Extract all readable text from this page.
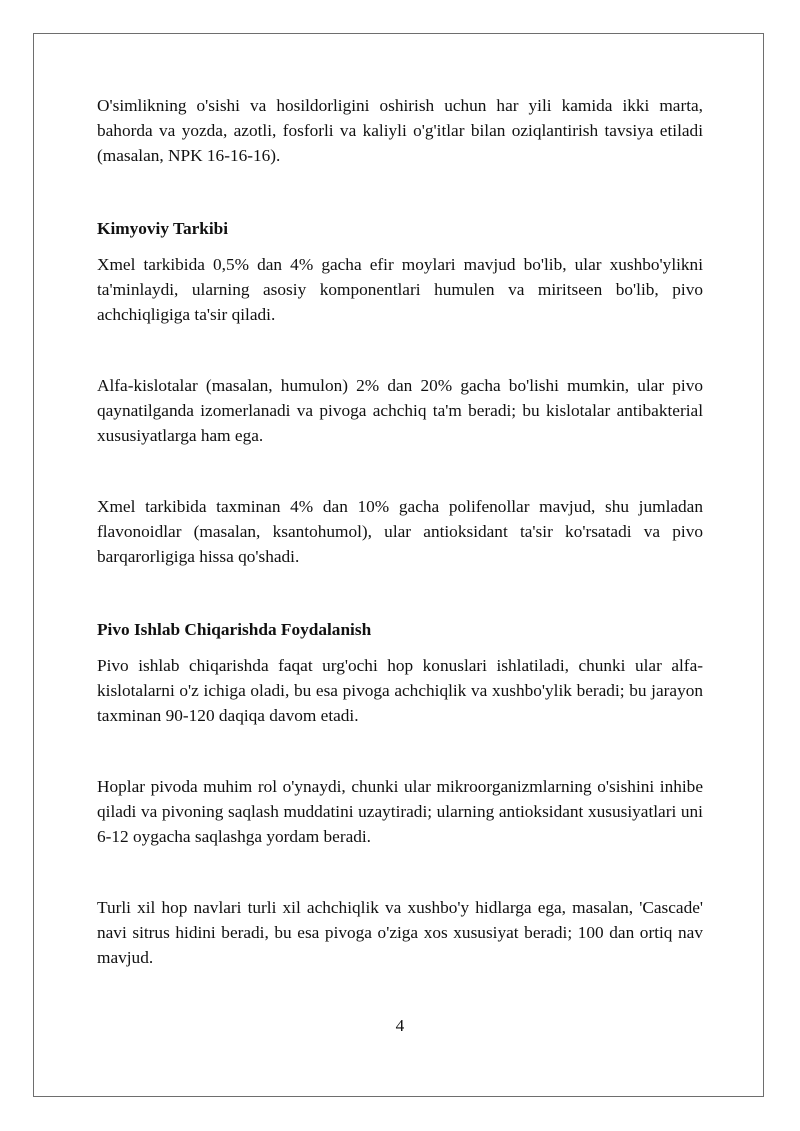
O'simlikning o'sishi va hosildorligini oshirish uchun har yili kamida ikki marta, bahorda va yozda, azotli, fosforli va kaliyli o'g'itlar bilan oziqlantirish tavsiya etiladi (masalan, NPK 16-16-16).

Kimyoviy Tarkibi

Xmel tarkibida 0,5% dan 4% gacha efir moylari mavjud bo'lib, ular xushbo'ylikni ta'minlaydi, ularning asosiy komponentlari humulen va miritseen bo'lib, pivo achchiqligiga ta'sir qiladi.

Alfa-kislotalar (masalan, humulon) 2% dan 20% gacha bo'lishi mumkin, ular pivo qaynatilganda izomerlanadi va pivoga achchiq ta'm beradi; bu kislotalar antibakterial xususiyatlarga ham ega.

Xmel tarkibida taxminan 4% dan 10% gacha polifenollar mavjud, shu jumladan flavonoidlar (masalan, ksantohumol), ular antioksidant ta'sir ko'rsatadi va pivo barqarorligiga hissa qo'shadi.

Pivo Ishlab Chiqarishda Foydalanish

Pivo ishlab chiqarishda faqat urg'ochi hop konuslari ishlatiladi, chunki ular alfa-kislotalarni o'z ichiga oladi, bu esa pivoga achchiqlik va xushbo'ylik beradi; bu jarayon taxminan 90-120 daqiqa davom etadi.

Hoplar pivoda muhim rol o'ynaydi, chunki ular mikroorganizmlarning o'sishini inhibe qiladi va pivoning saqlash muddatini uzaytiradi; ularning antioksidant xususiyatlari uni 6-12 oygacha saqlashga yordam beradi.

Turli xil hop navlari turli xil achchiqlik va xushbo'y hidlarga ega, masalan, 'Cascade' navi sitrus hidini beradi, bu esa pivoga o'ziga xos xususiyat beradi; 100 dan ortiq nav mavjud.

4
